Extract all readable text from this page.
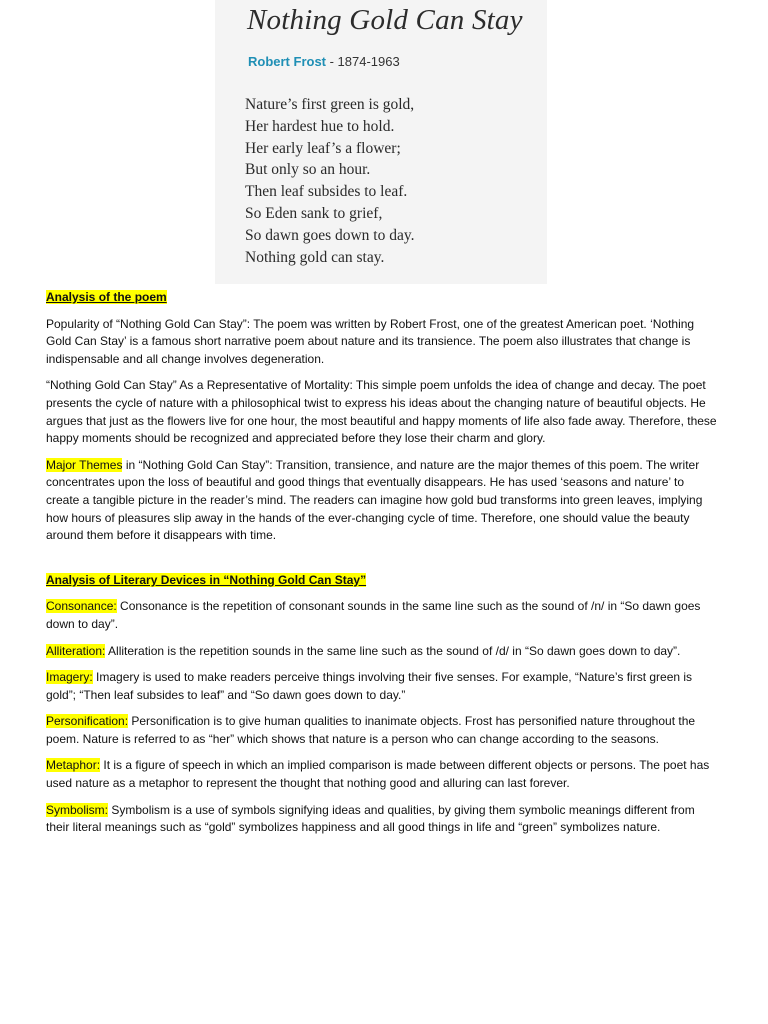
Nothing Gold Can Stay
Robert Frost - 1874-1963
Nature’s first green is gold,
Her hardest hue to hold.
Her early leaf’s a flower;
But only so an hour.
Then leaf subsides to leaf.
So Eden sank to grief,
So dawn goes down to day.
Nothing gold can stay.

Analysis of the poem

Popularity of “Nothing Gold Can Stay”: The poem was written by Robert Frost, one of the greatest American poet. ‘Nothing Gold Can Stay’ is a famous short narrative poem about nature and its transience. The poem also illustrates that change is indispensable and all change involves degeneration.

“Nothing Gold Can Stay” As a Representative of Mortality: This simple poem unfolds the idea of change and decay. The poet presents the cycle of nature with a philosophical twist to express his ideas about the changing nature of beautiful objects. He argues that just as the flowers live for one hour, the most beautiful and happy moments of life also fade away. Therefore, these happy moments should be recognized and appreciated before they lose their charm and glory.

Major Themes in “Nothing Gold Can Stay”: Transition, transience, and nature are the major themes of this poem. The writer concentrates upon the loss of beautiful and good things that eventually disappears. He has used ‘seasons and nature’ to create a tangible picture in the reader’s mind. The readers can imagine how gold bud transforms into green leaves, implying how hours of pleasures slip away in the hands of the ever-changing cycle of time. Therefore, one should value the beauty around them before it disappears with time.

Analysis of Literary Devices in “Nothing Gold Can Stay”

Consonance: Consonance is the repetition of consonant sounds in the same line such as the sound of /n/ in “So dawn goes down to day”.

Alliteration: Alliteration is the repetition sounds in the same line such as the sound of /d/ in “So dawn goes down to day”.

Imagery: Imagery is used to make readers perceive things involving their five senses. For example, “Nature’s first green is gold”; “Then leaf subsides to leaf” and “So dawn goes down to day.”

Personification: Personification is to give human qualities to inanimate objects. Frost has personified nature throughout the poem. Nature is referred to as “her” which shows that nature is a person who can change according to the seasons.

Metaphor: It is a figure of speech in which an implied comparison is made between different objects or persons. The poet has used nature as a metaphor to represent the thought that nothing good and alluring can last forever.

Symbolism: Symbolism is a use of symbols signifying ideas and qualities, by giving them symbolic meanings different from their literal meanings such as “gold” symbolizes happiness and all good things in life and “green” symbolizes nature.
